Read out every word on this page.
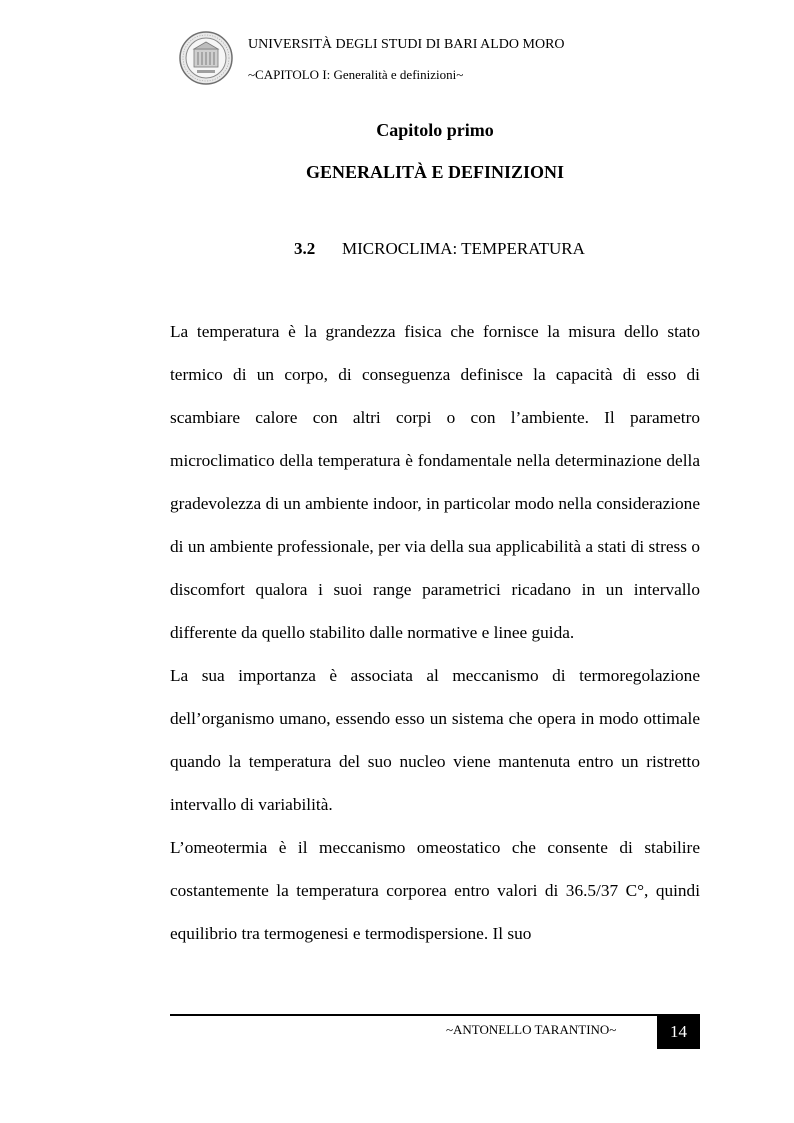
UNIVERSITÀ DEGLI STUDI DI BARI ALDO MORO
~CAPITOLO I: Generalità e definizioni~
Capitolo primo
GENERALITÀ E DEFINIZIONI
3.2 MICROCLIMA: TEMPERATURA

La temperatura è la grandezza fisica che fornisce la misura dello stato termico di un corpo, di conseguenza definisce la capacità di esso di scambiare calore con altri corpi o con l’ambiente. Il parametro microclimatico della temperatura è fondamentale nella determinazione della gradevolezza di un ambiente indoor, in particolar modo nella considerazione di un ambiente professionale, per via della sua applicabilità a stati di stress o discomfort qualora i suoi range parametrici ricadano in un intervallo differente da quello stabilito dalle normative e linee guida.

La sua importanza è associata al meccanismo di termoregolazione dell’organismo umano, essendo esso un sistema che opera in modo ottimale quando la temperatura del suo nucleo viene mantenuta entro un ristretto intervallo di variabilità.

L’omeotermia è il meccanismo omeostatico che consente di stabilire costantemente la temperatura corporea entro valori di 36.5/37 C°, quindi equilibrio tra termogenesi e termodispersione. Il suo

~ANTONELLO TARANTINO~	14
